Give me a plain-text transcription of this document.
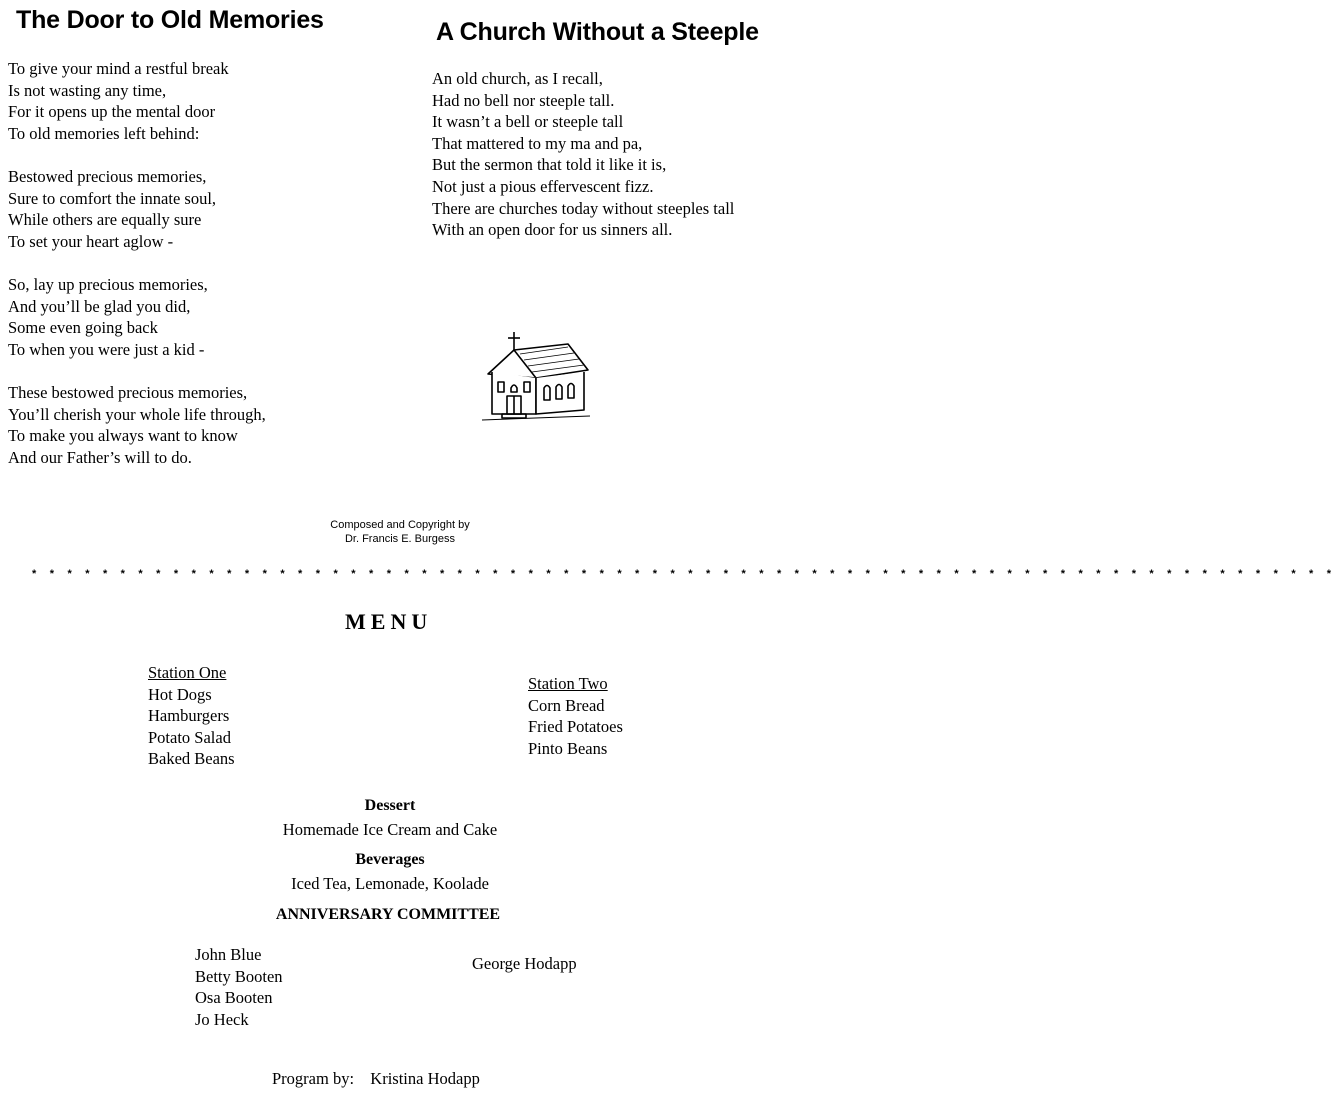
The Door to Old Memories
To give your mind a restful break
Is not wasting any time,
For it opens up the mental door
To old memories left behind:
Bestowed precious memories,
Sure to comfort the innate soul,
While others are equally sure
To set your heart aglow -
So, lay up precious memories,
And you’ll be glad you did,
Some even going back
To when you were just a kid -
These bestowed precious memories,
You’ll cherish your whole life through,
To make you always want to know
And our Father’s will to do.
A Church Without a Steeple
An old church, as I recall,
Had no bell nor steeple tall.
It wasn’t a bell or steeple tall
That mattered to my ma and pa,
But the sermon that told it like it is,
Not just a pious effervescent fizz.
There are churches today without steeples tall
With an open door for us sinners all.
Composed and Copyright by
Dr. Francis E. Burgess
* * * * * * * * * * * * * * * * * * * * * * * * * * * * * * * * * * * * * * * * * * * * * * * * * * * * * * * * * * * * * * * * * * * * * * * * * *
MENU
Station One
Hot Dogs
Hamburgers
Potato Salad
Baked Beans
Station Two
Corn Bread
Fried Potatoes
Pinto Beans
Dessert
Homemade Ice Cream and Cake
Beverages
Iced Tea, Lemonade, Koolade
ANNIVERSARY COMMITTEE
John Blue
Betty Booten
Osa Booten
Jo Heck
George Hodapp
Program by: Kristina Hodapp
